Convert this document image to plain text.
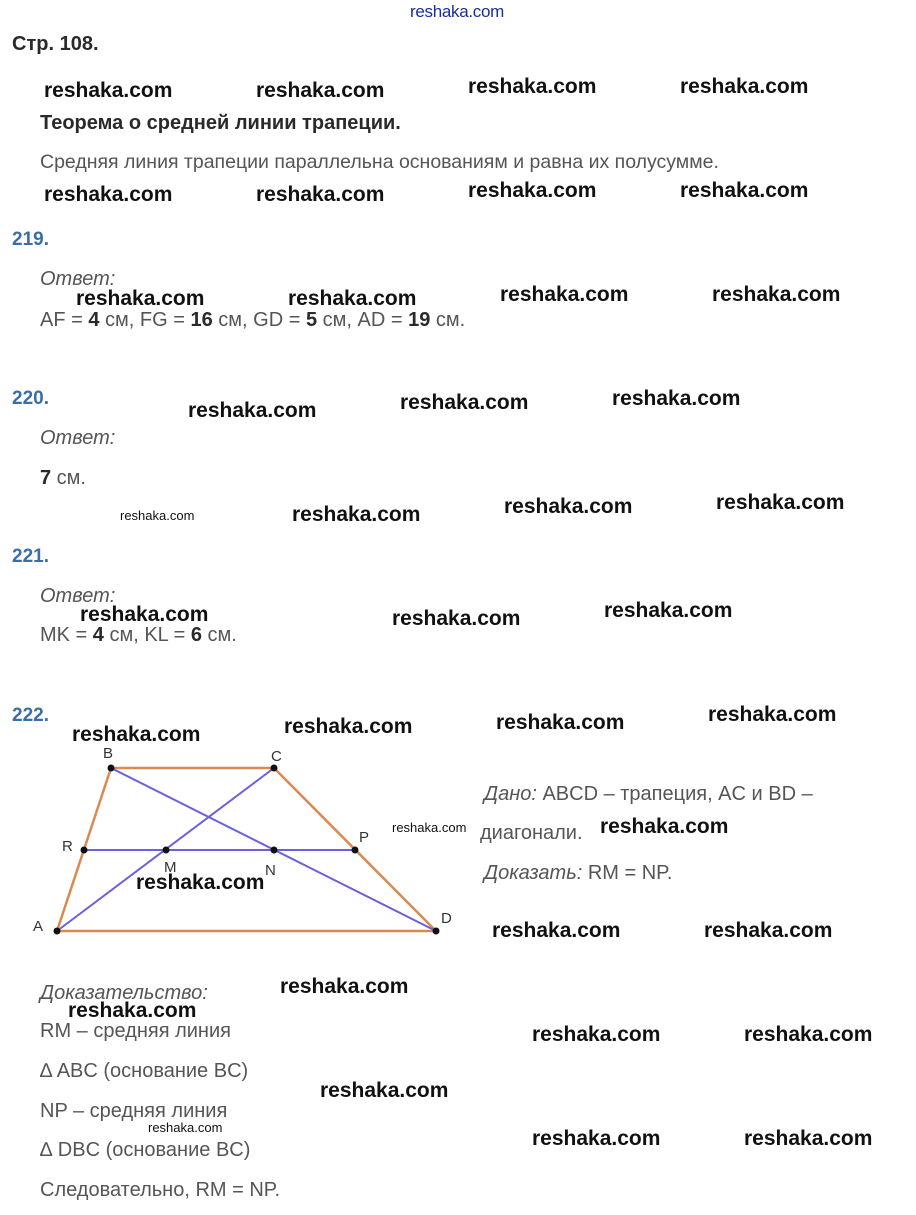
reshaka.com
Стр. 108.
Теорема о средней линии трапеции.
Средняя линия трапеции параллельна основаниям и равна их полусумме.
219.
Ответ:
AF = 4 см, FG = 16 см, GD = 5 см, AD = 19 см.
220.
Ответ:
7 см.
221.
Ответ:
MK = 4 см, KL = 6 см.
222.
B	C
R
P
M	N
A	D
Дано: ABCD – трапеция, AC и BD –
диагонали.
Доказать: RM = NP.
Доказательство:
RM – средняя линия
∆ ABC (основание BC)
NP – средняя линия
∆ DBC (основание BC)
Следовательно, RM = NP.
reshaka.com	reshaka.com	reshaka.com	reshaka.com
reshaka.com	reshaka.com	reshaka.com	reshaka.com
reshaka.com	reshaka.com	reshaka.com	reshaka.com
reshaka.com	reshaka.com	reshaka.com
reshaka.com	reshaka.com	reshaka.com	reshaka.com
reshaka.com	reshaka.com	reshaka.com
reshaka.com	reshaka.com	reshaka.com	reshaka.com
reshaka.com	reshaka.com
reshaka.com
reshaka.com	reshaka.com
reshaka.com
reshaka.com
reshaka.com	reshaka.com
reshaka.com
reshaka.com	reshaka.com	reshaka.com
